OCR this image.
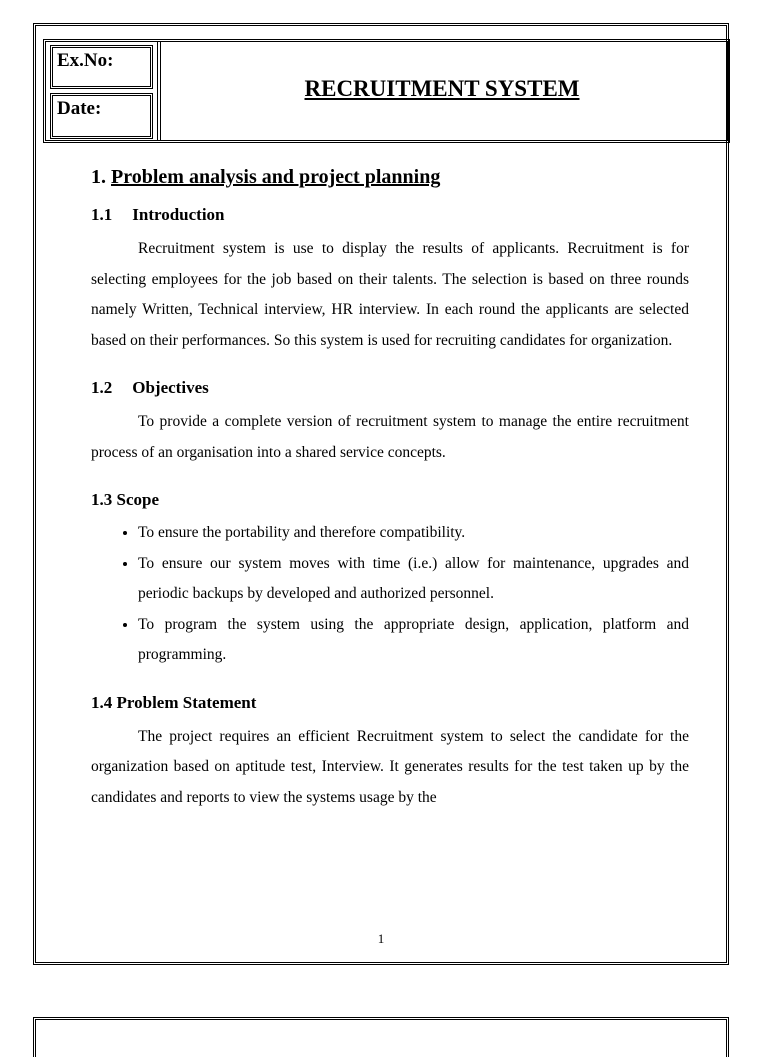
Ex.No:
Date:
RECRUITMENT SYSTEM
1. Problem analysis and project planning
1.1 Introduction

Recruitment system is use to display the results of applicants. Recruitment is for selecting employees for the job based on their talents. The selection is based on three rounds namely Written, Technical interview, HR interview. In each round the applicants are selected based on their performances. So this system is used for recruiting candidates for organization.

1.2 Objectives

To provide a complete version of recruitment system to manage the entire recruitment process of an organisation into a shared service concepts.

1.3 Scope
• To ensure the portability and therefore compatibility.
• To ensure our system moves with time (i.e.) allow for maintenance, upgrades and periodic backups by developed and authorized personnel.
• To program the system using the appropriate design, application, platform and programming.
1.4 Problem Statement

The project requires an efficient Recruitment system to select the candidate for the organization based on aptitude test, Interview. It generates results for the test taken up by the candidates and reports to view the systems usage by the

1
